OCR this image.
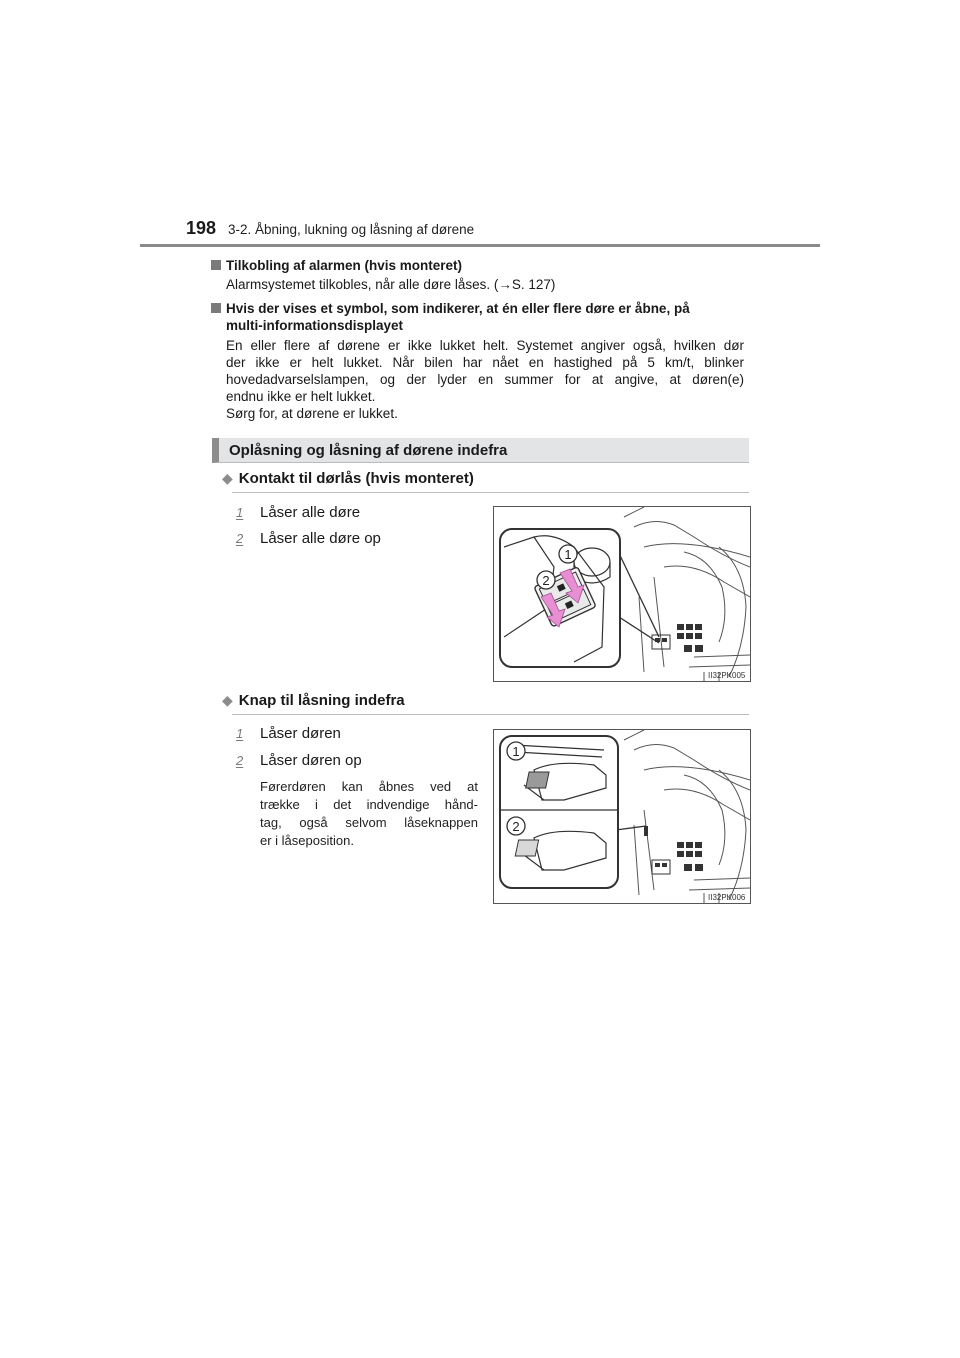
198 3-2. Åbning, lukning og låsning af dørene
Tilkobling af alarmen (hvis monteret)
Alarmsystemet tilkobles, når alle døre låses. (→S. 127)
Hvis der vises et symbol, som indikerer, at én eller flere døre er åbne, på
multi-informationsdisplayet
En eller flere af dørene er ikke lukket helt. Systemet angiver også, hvilken dør
der ikke er helt lukket. Når bilen har nået en hastighed på 5 km/t, blinker
hovedadvarselslampen, og der lyder en summer for at angive, at døren(e)
endnu ikke er helt lukket.
Sørg for, at dørene er lukket.
Oplåsning og låsning af dørene indefra
◆ Kontakt til dørlås (hvis monteret)
1 Låser alle døre
2 Låser alle døre op
1
2
II32PK005
◆ Knap til låsning indefra
1 Låser døren
2 Låser døren op
Førerdøren kan åbnes ved at
trække i det indvendige hånd-
tag, også selvom låseknappen
er i låseposition.
1
2
II32PK006
